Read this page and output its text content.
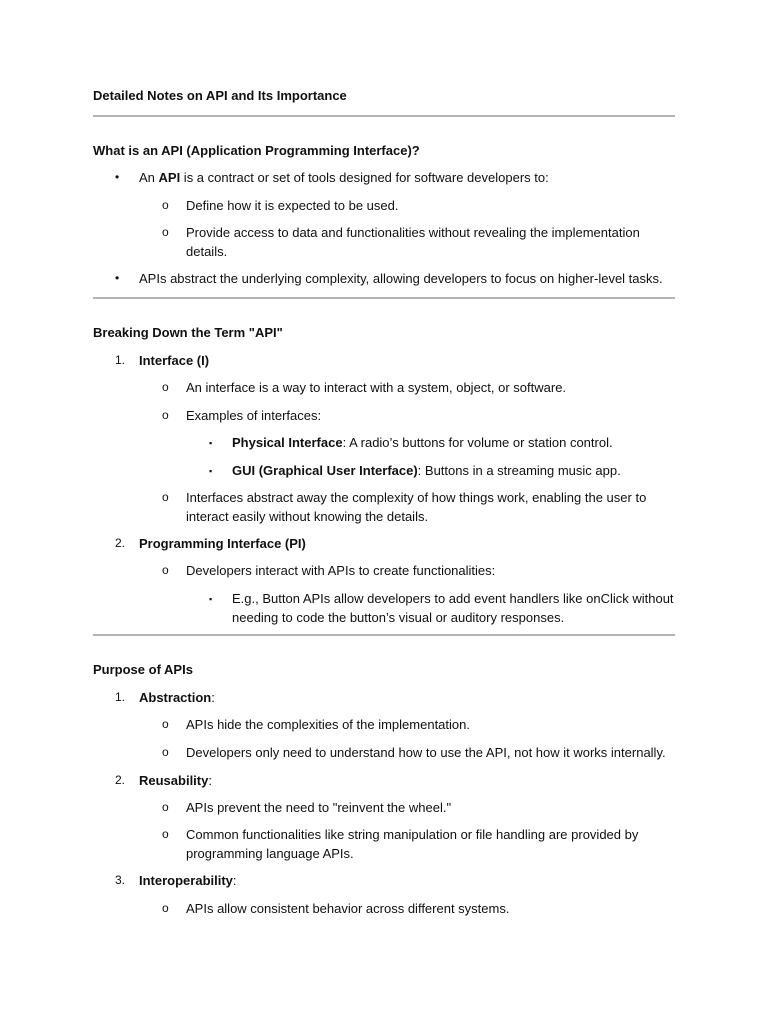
Detailed Notes on API and Its Importance
What is an API (Application Programming Interface)?
• An API is a contract or set of tools designed for software developers to:
o Define how it is expected to be used.
o Provide access to data and functionalities without revealing the implementation details.
• APIs abstract the underlying complexity, allowing developers to focus on higher-level tasks.
Breaking Down the Term "API"
1. Interface (I)
o An interface is a way to interact with a system, object, or software.
o Examples of interfaces:
▪ Physical Interface: A radio’s buttons for volume or station control.
▪ GUI (Graphical User Interface): Buttons in a streaming music app.
o Interfaces abstract away the complexity of how things work, enabling the user to interact easily without knowing the details.
2. Programming Interface (PI)
o Developers interact with APIs to create functionalities:
▪ E.g., Button APIs allow developers to add event handlers like onClick without needing to code the button’s visual or auditory responses.
Purpose of APIs
1. Abstraction:
o APIs hide the complexities of the implementation.
o Developers only need to understand how to use the API, not how it works internally.
2. Reusability:
o APIs prevent the need to "reinvent the wheel."
o Common functionalities like string manipulation or file handling are provided by programming language APIs.
3. Interoperability:
o APIs allow consistent behavior across different systems.
